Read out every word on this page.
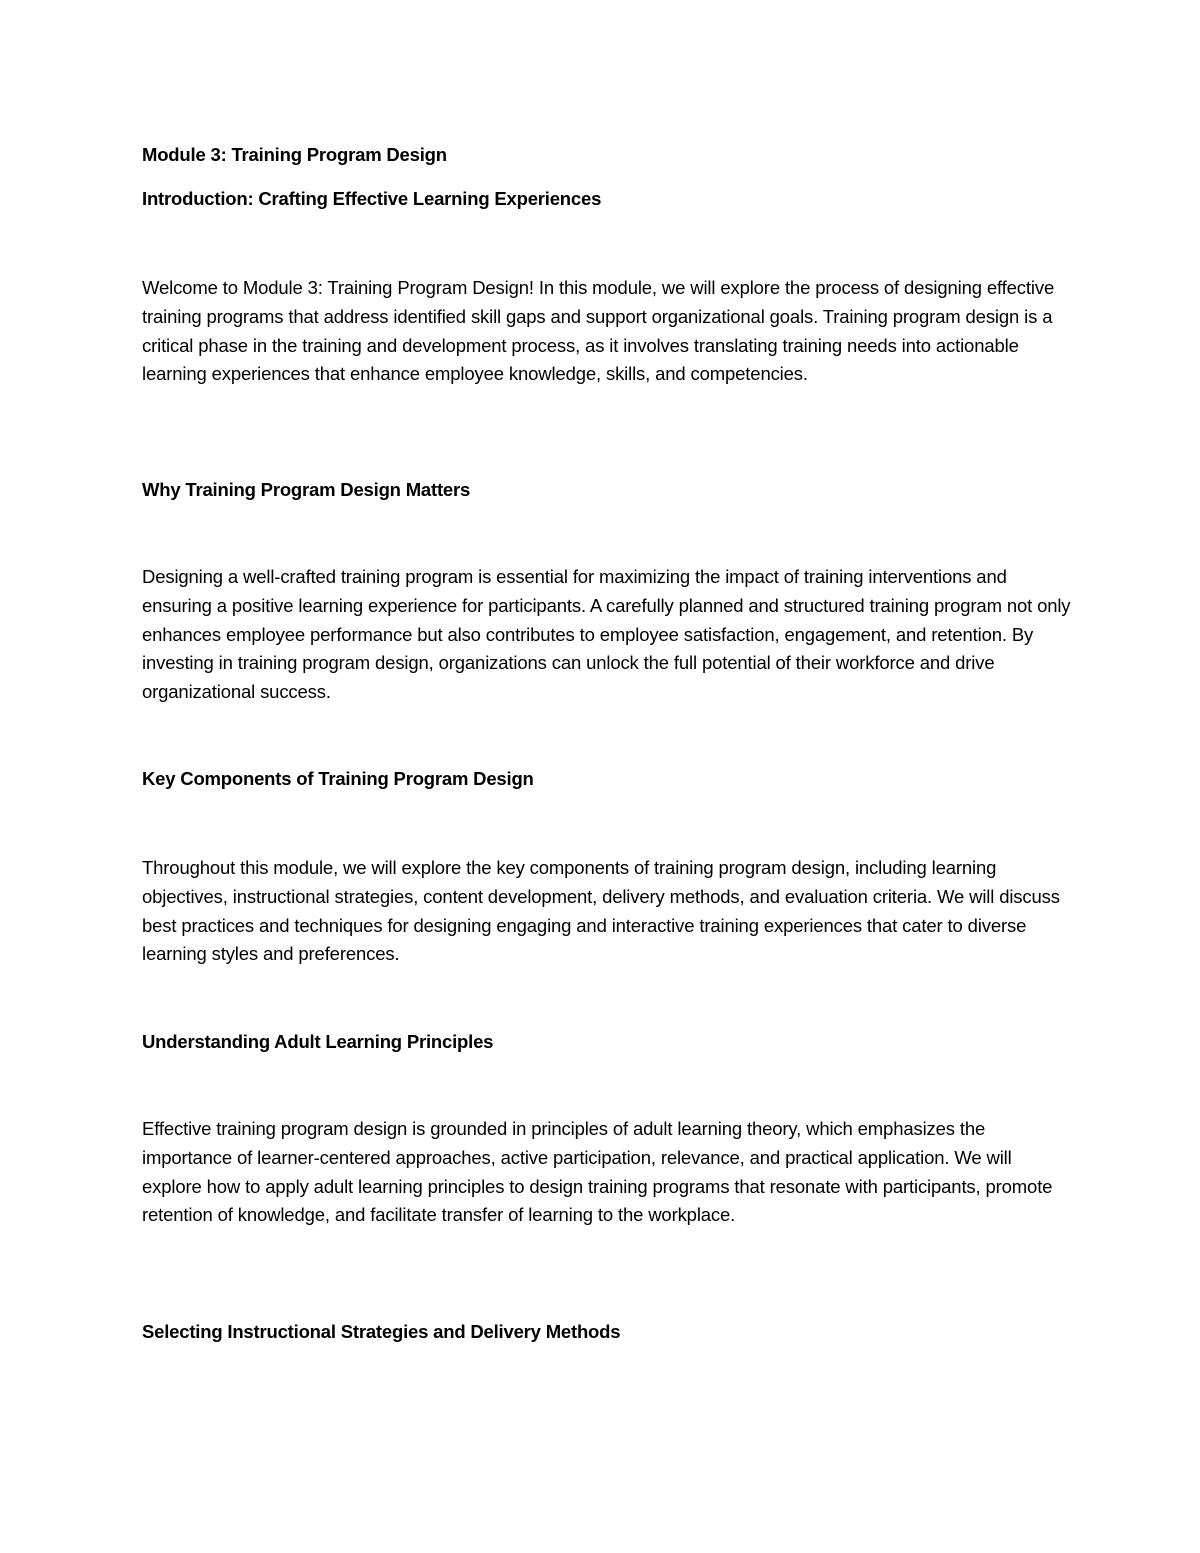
Module 3: Training Program Design
Introduction: Crafting Effective Learning Experiences

Welcome to Module 3: Training Program Design! In this module, we will explore the process of designing effective training programs that address identified skill gaps and support organizational goals. Training program design is a critical phase in the training and development process, as it involves translating training needs into actionable learning experiences that enhance employee knowledge, skills, and competencies.

Why Training Program Design Matters

Designing a well-crafted training program is essential for maximizing the impact of training interventions and ensuring a positive learning experience for participants. A carefully planned and structured training program not only enhances employee performance but also contributes to employee satisfaction, engagement, and retention. By investing in training program design, organizations can unlock the full potential of their workforce and drive organizational success.

Key Components of Training Program Design

Throughout this module, we will explore the key components of training program design, including learning objectives, instructional strategies, content development, delivery methods, and evaluation criteria. We will discuss best practices and techniques for designing engaging and interactive training experiences that cater to diverse learning styles and preferences.

Understanding Adult Learning Principles

Effective training program design is grounded in principles of adult learning theory, which emphasizes the importance of learner-centered approaches, active participation, relevance, and practical application. We will explore how to apply adult learning principles to design training programs that resonate with participants, promote retention of knowledge, and facilitate transfer of learning to the workplace.

Selecting Instructional Strategies and Delivery Methods
